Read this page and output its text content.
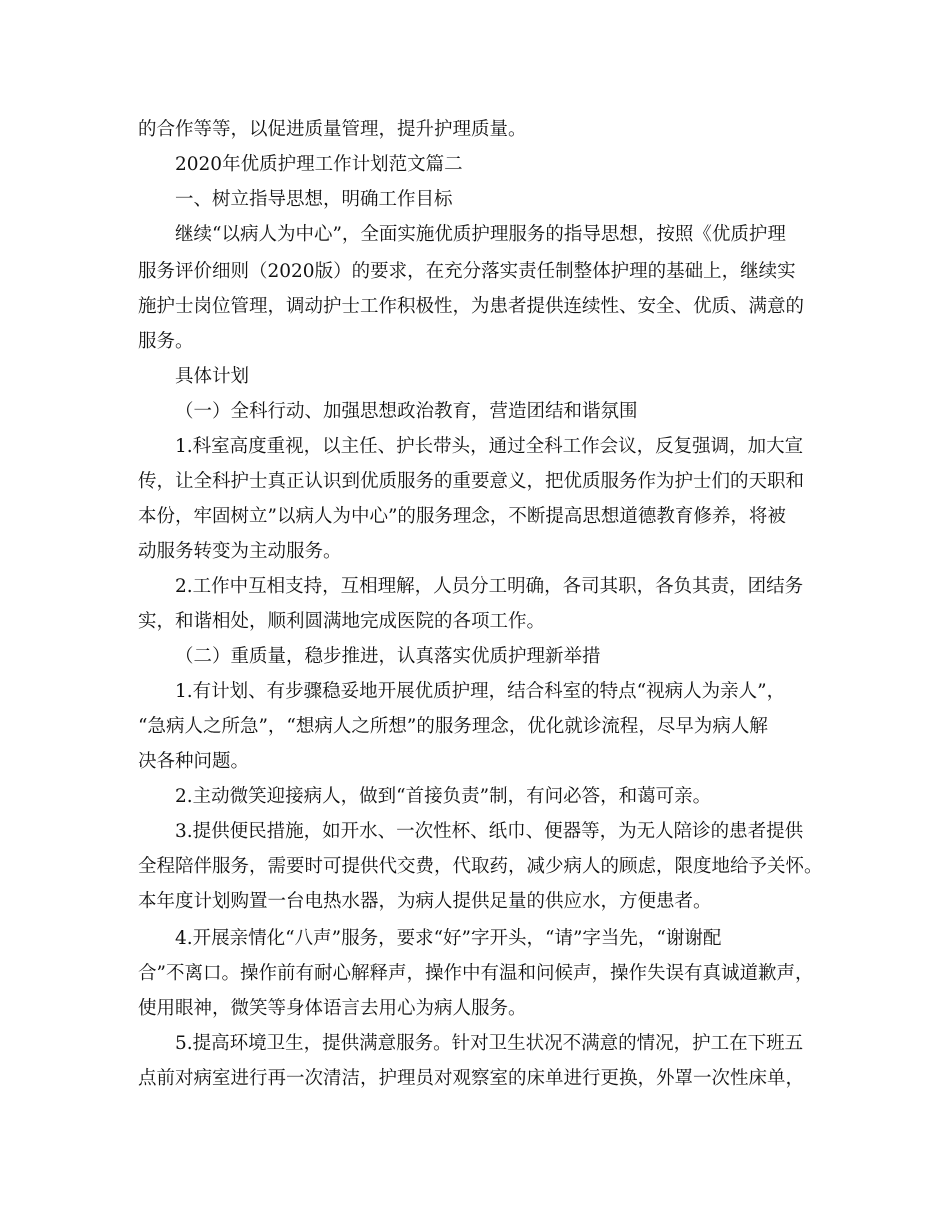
的合作等等，以促进质量管理，提升护理质量。
2020年优质护理工作计划范文篇二
一、树立指导思想，明确工作目标
继续“以病人为中心”，全面实施优质护理服务的指导思想，按照《优质护理
服务评价细则（2020版）的要求，在充分落实责任制整体护理的基础上，继续实
施护士岗位管理，调动护士工作积极性，为患者提供连续性、安全、优质、满意的
服务。
具体计划
（一）全科行动、加强思想政治教育，营造团结和谐氛围
1.科室高度重视，以主任、护长带头，通过全科工作会议，反复强调，加大宣
传，让全科护士真正认识到优质服务的重要意义，把优质服务作为护士们的天职和
本份，牢固树立”以病人为中心”的服务理念，不断提高思想道德教育修养，将被
动服务转变为主动服务。
2.工作中互相支持，互相理解，人员分工明确，各司其职，各负其责，团结务
实，和谐相处，顺利圆满地完成医院的各项工作。
（二）重质量，稳步推进，认真落实优质护理新举措
1.有计划、有步骤稳妥地开展优质护理，结合科室的特点“视病人为亲人”，
“急病人之所急”，“想病人之所想”的服务理念，优化就诊流程，尽早为病人解
决各种问题。
2.主动微笑迎接病人，做到“首接负责”制，有问必答，和蔼可亲。
3.提供便民措施，如开水、一次性杯、纸巾、便器等，为无人陪诊的患者提供
全程陪伴服务，需要时可提供代交费，代取药，减少病人的顾虑，限度地给予关怀。
本年度计划购置一台电热水器，为病人提供足量的供应水，方便患者。
4.开展亲情化“八声”服务，要求“好”字开头，“请”字当先，“谢谢配
合”不离口。操作前有耐心解释声，操作中有温和问候声，操作失误有真诚道歉声，
使用眼神，微笑等身体语言去用心为病人服务。
5.提高环境卫生，提供满意服务。针对卫生状况不满意的情况，护工在下班五
点前对病室进行再一次清洁，护理员对观察室的床单进行更换，外罩一次性床单，
